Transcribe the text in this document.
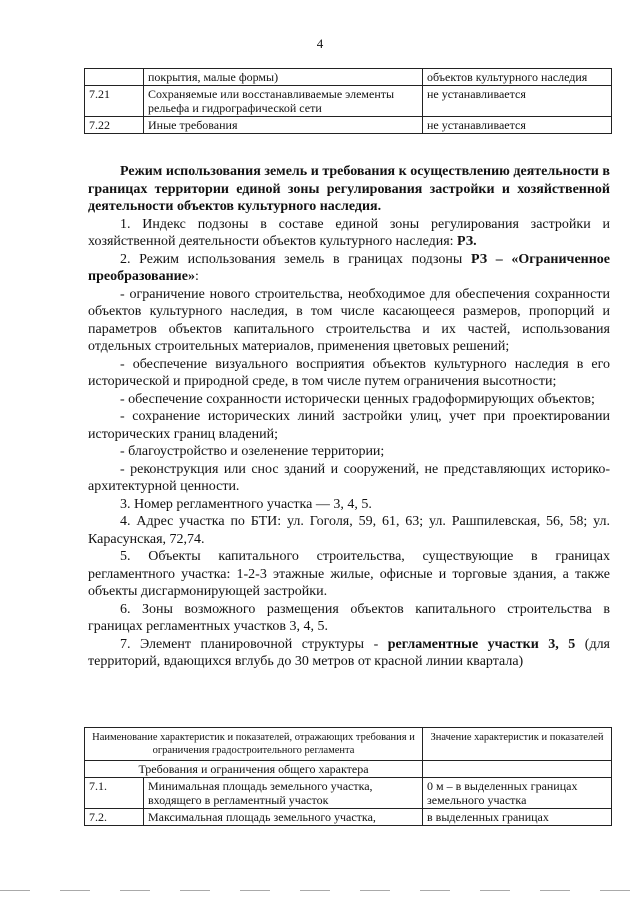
4
	покрытия, малые формы)	объектов культурного наследия
7.21	Сохраняемые или восстанавливаемые элементы рельефа и гидрографической сети	не устанавливается
7.22	Иные требования	не устанавливается

Режим использования земель и требования к осуществлению деятельности в границах территории единой зоны регулирования застройки и хозяйственной деятельности объектов культурного наследия.

1. Индекс подзоны в составе единой зоны регулирования застройки и хозяйственной деятельности объектов культурного наследия: РЗ.

2. Режим использования земель в границах подзоны РЗ – «Ограниченное преобразование»:

- ограничение нового строительства, необходимое для обеспечения сохранности объектов культурного наследия, в том числе касающееся размеров, пропорций и параметров объектов капитального строительства и их частей, использования отдельных строительных материалов, применения цветовых решений;

- обеспечение визуального восприятия объектов культурного наследия в его исторической и природной среде, в том числе путем ограничения высотности;

- обеспечение сохранности исторически ценных градоформирующих объектов;

- сохранение исторических линий застройки улиц, учет при проектировании исторических границ владений;

- благоустройство и озеленение территории;

- реконструкция или снос зданий и сооружений, не представляющих историко-архитектурной ценности.

3. Номер регламентного участка — 3, 4, 5.

4. Адрес участка по БТИ: ул. Гоголя, 59, 61, 63; ул. Рашпилевская, 56, 58; ул. Карасунская, 72,74.

5. Объекты капитального строительства, существующие в границах регламентного участка: 1-2-3 этажные жилые, офисные и торговые здания, а также объекты дисгармонирующей застройки.

6. Зоны возможного размещения объектов капитального строительства в границах регламентных участков 3, 4, 5.

7. Элемент планировочной структуры - регламентные участки 3, 5 (для территорий, вдающихся вглубь до 30 метров от красной линии квартала)

Наименование характеристик и показателей, отражающих требования и ограничения градостроительного регламента		Значение характеристик и показателей
Требования и ограничения общего характера		
7.1.	Минимальная площадь земельного участка, входящего в регламентный участок	0 м – в выделенных границах земельного участка
7.2.	Максимальная площадь земельного участка,	в выделенных границах
